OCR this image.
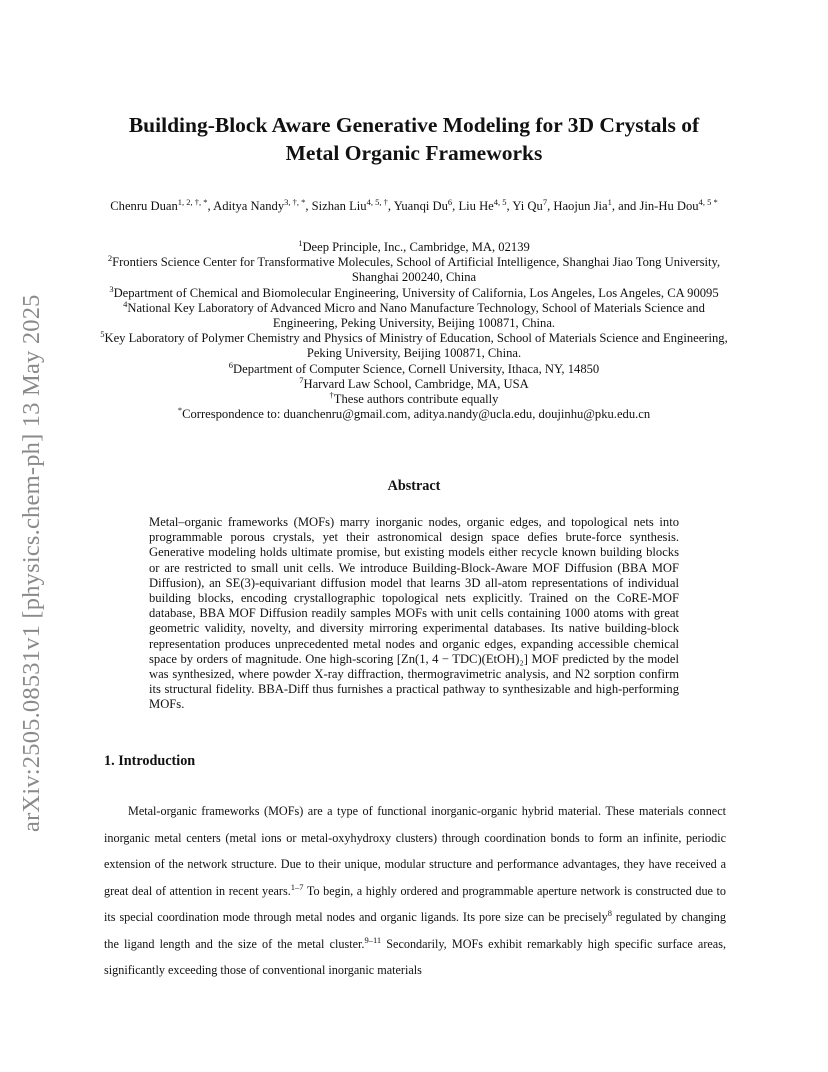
arXiv:2505.08531v1 [physics.chem-ph] 13 May 2025
Building-Block Aware Generative Modeling for 3D Crystals of
Metal Organic Frameworks
Chenru Duan$^{1, 2, \dagger, *}$, Aditya Nandy$^{3, \dagger, *}$, Sizhan Liu$^{4, 5, \dagger}$, Yuanqi Du$^6$, Liu He$^{4, 5}$, Yi Qu$^7$, Haojun Jia$^1$, and Jin-Hu Dou$^{4, 5 *}$
$^1$Deep Principle, Inc., Cambridge, MA, 02139
$^2$Frontiers Science Center for Transformative Molecules, School of Artificial Intelligence, Shanghai Jiao Tong University, Shanghai 200240, China
$^3$Department of Chemical and Biomolecular Engineering, University of California, Los Angeles, Los Angeles, CA 90095
$^4$National Key Laboratory of Advanced Micro and Nano Manufacture Technology, School of Materials Science and Engineering, Peking University, Beijing 100871, China.
$^5$Key Laboratory of Polymer Chemistry and Physics of Ministry of Education, School of Materials Science and Engineering, Peking University, Beijing 100871, China.
$^6$Department of Computer Science, Cornell University, Ithaca, NY, 14850
$^7$Harvard Law School, Cambridge, MA, USA
†These authors contribute equally
*Correspondence to: duanchenru@gmail.com, aditya.nandy@ucla.edu, doujinhu@pku.edu.cn
Abstract
Metal–organic frameworks (MOFs) marry inorganic nodes, organic edges, and topological nets into programmable porous crystals, yet their astronomical design space defies brute-force synthesis. Generative modeling holds ultimate promise, but existing models either recycle known building blocks or are restricted to small unit cells. We introduce Building-Block-Aware MOF Diffusion (BBA MOF Diffusion), an SE(3)-equivariant diffusion model that learns 3D all-atom representations of individual building blocks, encoding crystallographic topological nets explicitly. Trained on the CoRE-MOF database, BBA MOF Diffusion readily samples MOFs with unit cells containing 1000 atoms with great geometric validity, novelty, and diversity mirroring experimental databases. Its native building-block representation produces unprecedented metal nodes and organic edges, expanding accessible chemical space by orders of magnitude. One high-scoring [Zn(1, 4 − TDC)(EtOH)₂] MOF predicted by the model was synthesized, where powder X-ray diffraction, thermogravimetric analysis, and N2 sorption confirm its structural fidelity. BBA-Diff thus furnishes a practical pathway to synthesizable and high-performing MOFs.
1. Introduction

Metal-organic frameworks (MOFs) are a type of functional inorganic-organic hybrid material. These materials connect inorganic metal centers (metal ions or metal-oxyhydroxy clusters) through coordination bonds to form an infinite, periodic extension of the network structure. Due to their unique, modular structure and performance advantages, they have received a great deal of attention in recent years.$^{1-7}$ To begin, a highly ordered and programmable aperture network is constructed due to its special coordination mode through metal nodes and organic ligands. Its pore size can be precisely$^8$ regulated by changing the ligand length and the size of the metal cluster.$^{9-11}$ Secondarily, MOFs exhibit remarkably high specific surface areas, significantly exceeding those of conventional inorganic materials
